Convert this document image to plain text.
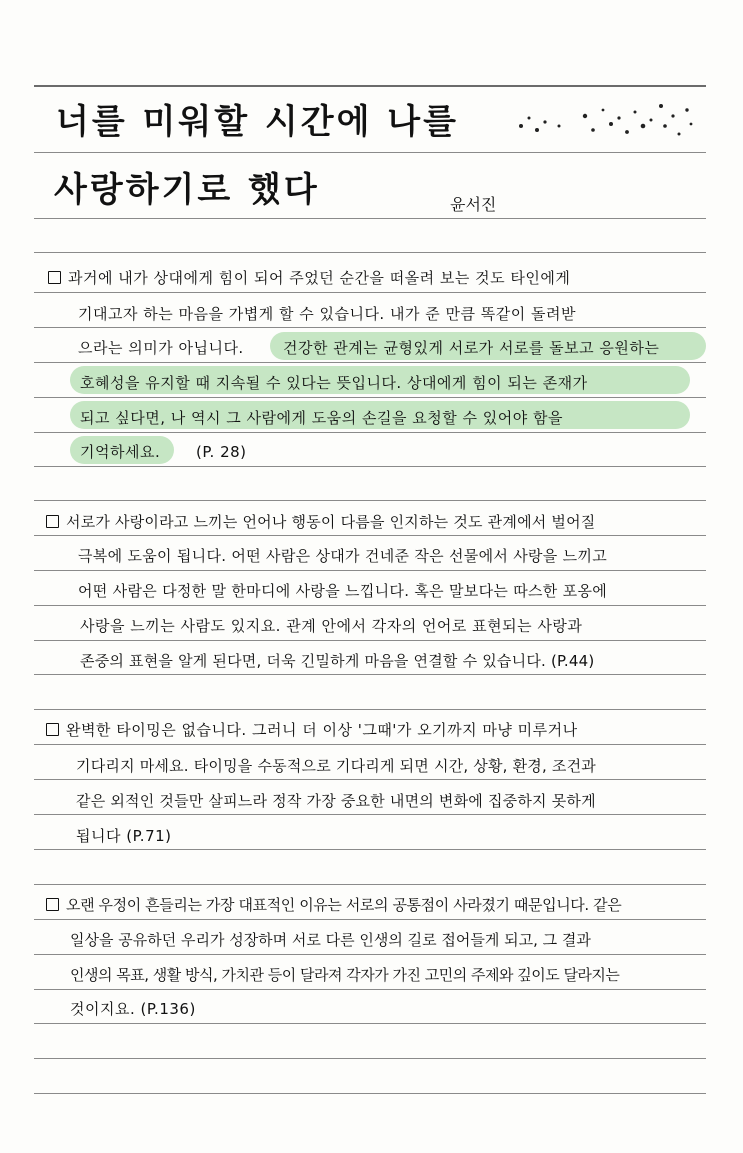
너를 미워할 시간에 나를
사랑하기로 했다	윤서진
과거에 내가 상대에게 힘이 되어 주었던 순간을 떠올려 보는 것도 타인에게
기대고자 하는 마음을 가볍게 할 수 있습니다. 내가 준 만큼 똑같이 돌려받
으라는 의미가 아닙니다.	건강한 관계는 균형있게 서로가 서로를 돌보고 응원하는
호혜성을 유지할 때 지속될 수 있다는 뜻입니다. 상대에게 힘이 되는 존재가
되고 싶다면, 나 역시 그 사람에게 도움의 손길을 요청할 수 있어야 함을
기억하세요. (P. 28)
서로가 사랑이라고 느끼는 언어나 행동이 다름을 인지하는 것도 관계에서 벌어질
극복에 도움이 됩니다. 어떤 사람은 상대가 건네준 작은 선물에서 사랑을 느끼고
어떤 사람은 다정한 말 한마디에 사랑을 느낍니다. 혹은 말보다는 따스한 포옹에
사랑을 느끼는 사람도 있지요. 관계 안에서 각자의 언어로 표현되는 사랑과
존중의 표현을 알게 된다면, 더욱 긴밀하게 마음을 연결할 수 있습니다. (P.44)
완벽한 타이밍은 없습니다. 그러니 더 이상 '그때'가 오기까지 마냥 미루거나
기다리지 마세요. 타이밍을 수동적으로 기다리게 되면 시간, 상황, 환경, 조건과
같은 외적인 것들만 살피느라 정작 가장 중요한 내면의 변화에 집중하지 못하게
됩니다 (P.71)
오랜 우정이 흔들리는 가장 대표적인 이유는 서로의 공통점이 사라졌기 때문입니다. 같은
일상을 공유하던 우리가 성장하며 서로 다른 인생의 길로 접어들게 되고, 그 결과
인생의 목표, 생활 방식, 가치관 등이 달라져 각자가 가진 고민의 주제와 깊이도 달라지는
것이지요. (P.136)
